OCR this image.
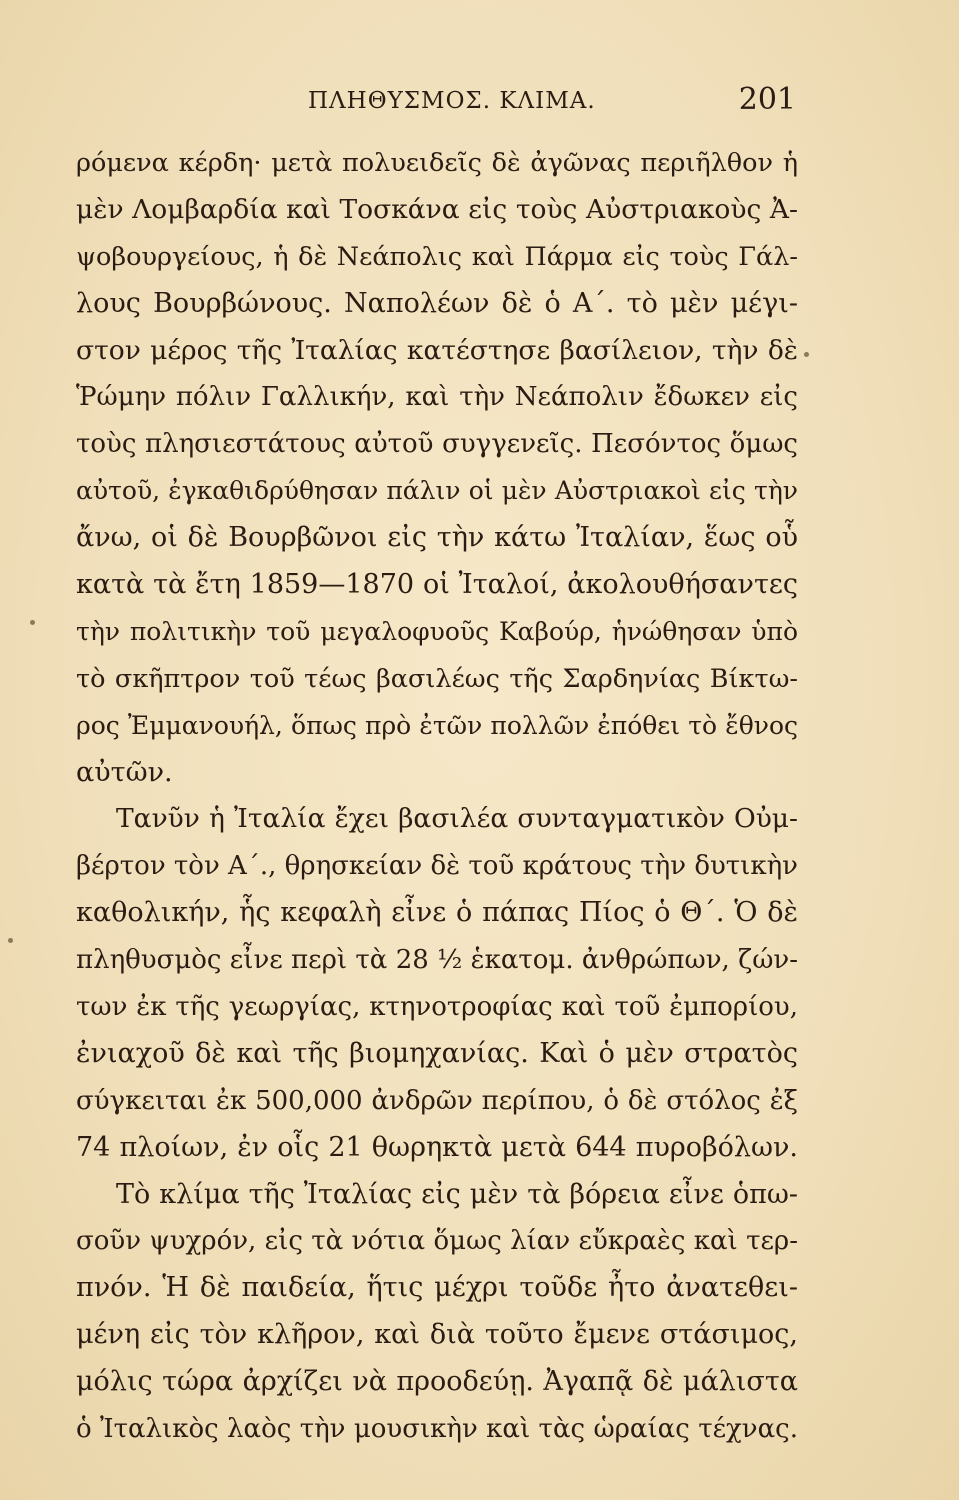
ΠΛΗΘΥΣΜΟΣ. ΚΛΙΜΑ.	201
ρόμενα κέρδη· μετὰ πολυειδεῖς δὲ ἀγῶνας περιῆλθον ἡ
μὲν Λομβαρδία καὶ Τοσκάνα εἰς τοὺς Αὐστριακοὺς Ἀ-
ψοβουργείους, ἡ δὲ Νεάπολις καὶ Πάρμα εἰς τοὺς Γάλ-
λους Βουρβώνους. Ναπολέων δὲ ὁ Α΄. τὸ μὲν μέγι-
στον μέρος τῆς Ἰταλίας κατέστησε βασίλειον, τὴν δὲ
Ῥώμην πόλιν Γαλλικήν, καὶ τὴν Νεάπολιν ἔδωκεν εἰς
τοὺς πλησιεστάτους αὐτοῦ συγγενεῖς. Πεσόντος ὅμως
αὐτοῦ, ἐγκαθιδρύθησαν πάλιν οἱ μὲν Αὐστριακοὶ εἰς τὴν
ἄνω, οἱ δὲ Βουρβῶνοι εἰς τὴν κάτω Ἰταλίαν, ἕως οὗ
κατὰ τὰ ἔτη 1859—1870 οἱ Ἰταλοί, ἀκολουθήσαντες
τὴν πολιτικὴν τοῦ μεγαλοφυοῦς Καβούρ, ἡνώθησαν ὑπὸ
τὸ σκῆπτρον τοῦ τέως βασιλέως τῆς Σαρδηνίας Βίκτω-
ρος Ἐμμανουήλ, ὅπως πρὸ ἐτῶν πολλῶν ἐπόθει τὸ ἔθνος
αὐτῶν.
Τανῦν ἡ Ἰταλία ἔχει βασιλέα συνταγματικὸν Οὐμ-
βέρτον τὸν Α΄., θρησκείαν δὲ τοῦ κράτους τὴν δυτικὴν
καθολικήν, ἧς κεφαλὴ εἶνε ὁ πάπας Πίος ὁ Θ΄. Ὁ δὲ
πληθυσμὸς εἶνε περὶ τὰ 28 ½ ἑκατομ. ἀνθρώπων, ζών-
των ἐκ τῆς γεωργίας, κτηνοτροφίας καὶ τοῦ ἐμπορίου,
ἐνιαχοῦ δὲ καὶ τῆς βιομηχανίας. Καὶ ὁ μὲν στρατὸς
σύγκειται ἐκ 500,000 ἀνδρῶν περίπου, ὁ δὲ στόλος ἐξ
74 πλοίων, ἐν οἷς 21 θωρηκτὰ μετὰ 644 πυροβόλων.
Τὸ κλίμα τῆς Ἰταλίας εἰς μὲν τὰ βόρεια εἶνε ὁπω-
σοῦν ψυχρόν, εἰς τὰ νότια ὅμως λίαν εὔκραὲς καὶ τερ-
πνόν. Ἡ δὲ παιδεία, ἥτις μέχρι τοῦδε ἦτο ἀνατεθει-
μένη εἰς τὸν κλῆρον, καὶ διὰ τοῦτο ἔμενε στάσιμος,
μόλις τώρα ἀρχίζει νὰ προοδεύῃ. Ἀγαπᾷ δὲ μάλιστα
ὁ Ἰταλικὸς λαὸς τὴν μουσικὴν καὶ τὰς ὡραίας τέχνας.
